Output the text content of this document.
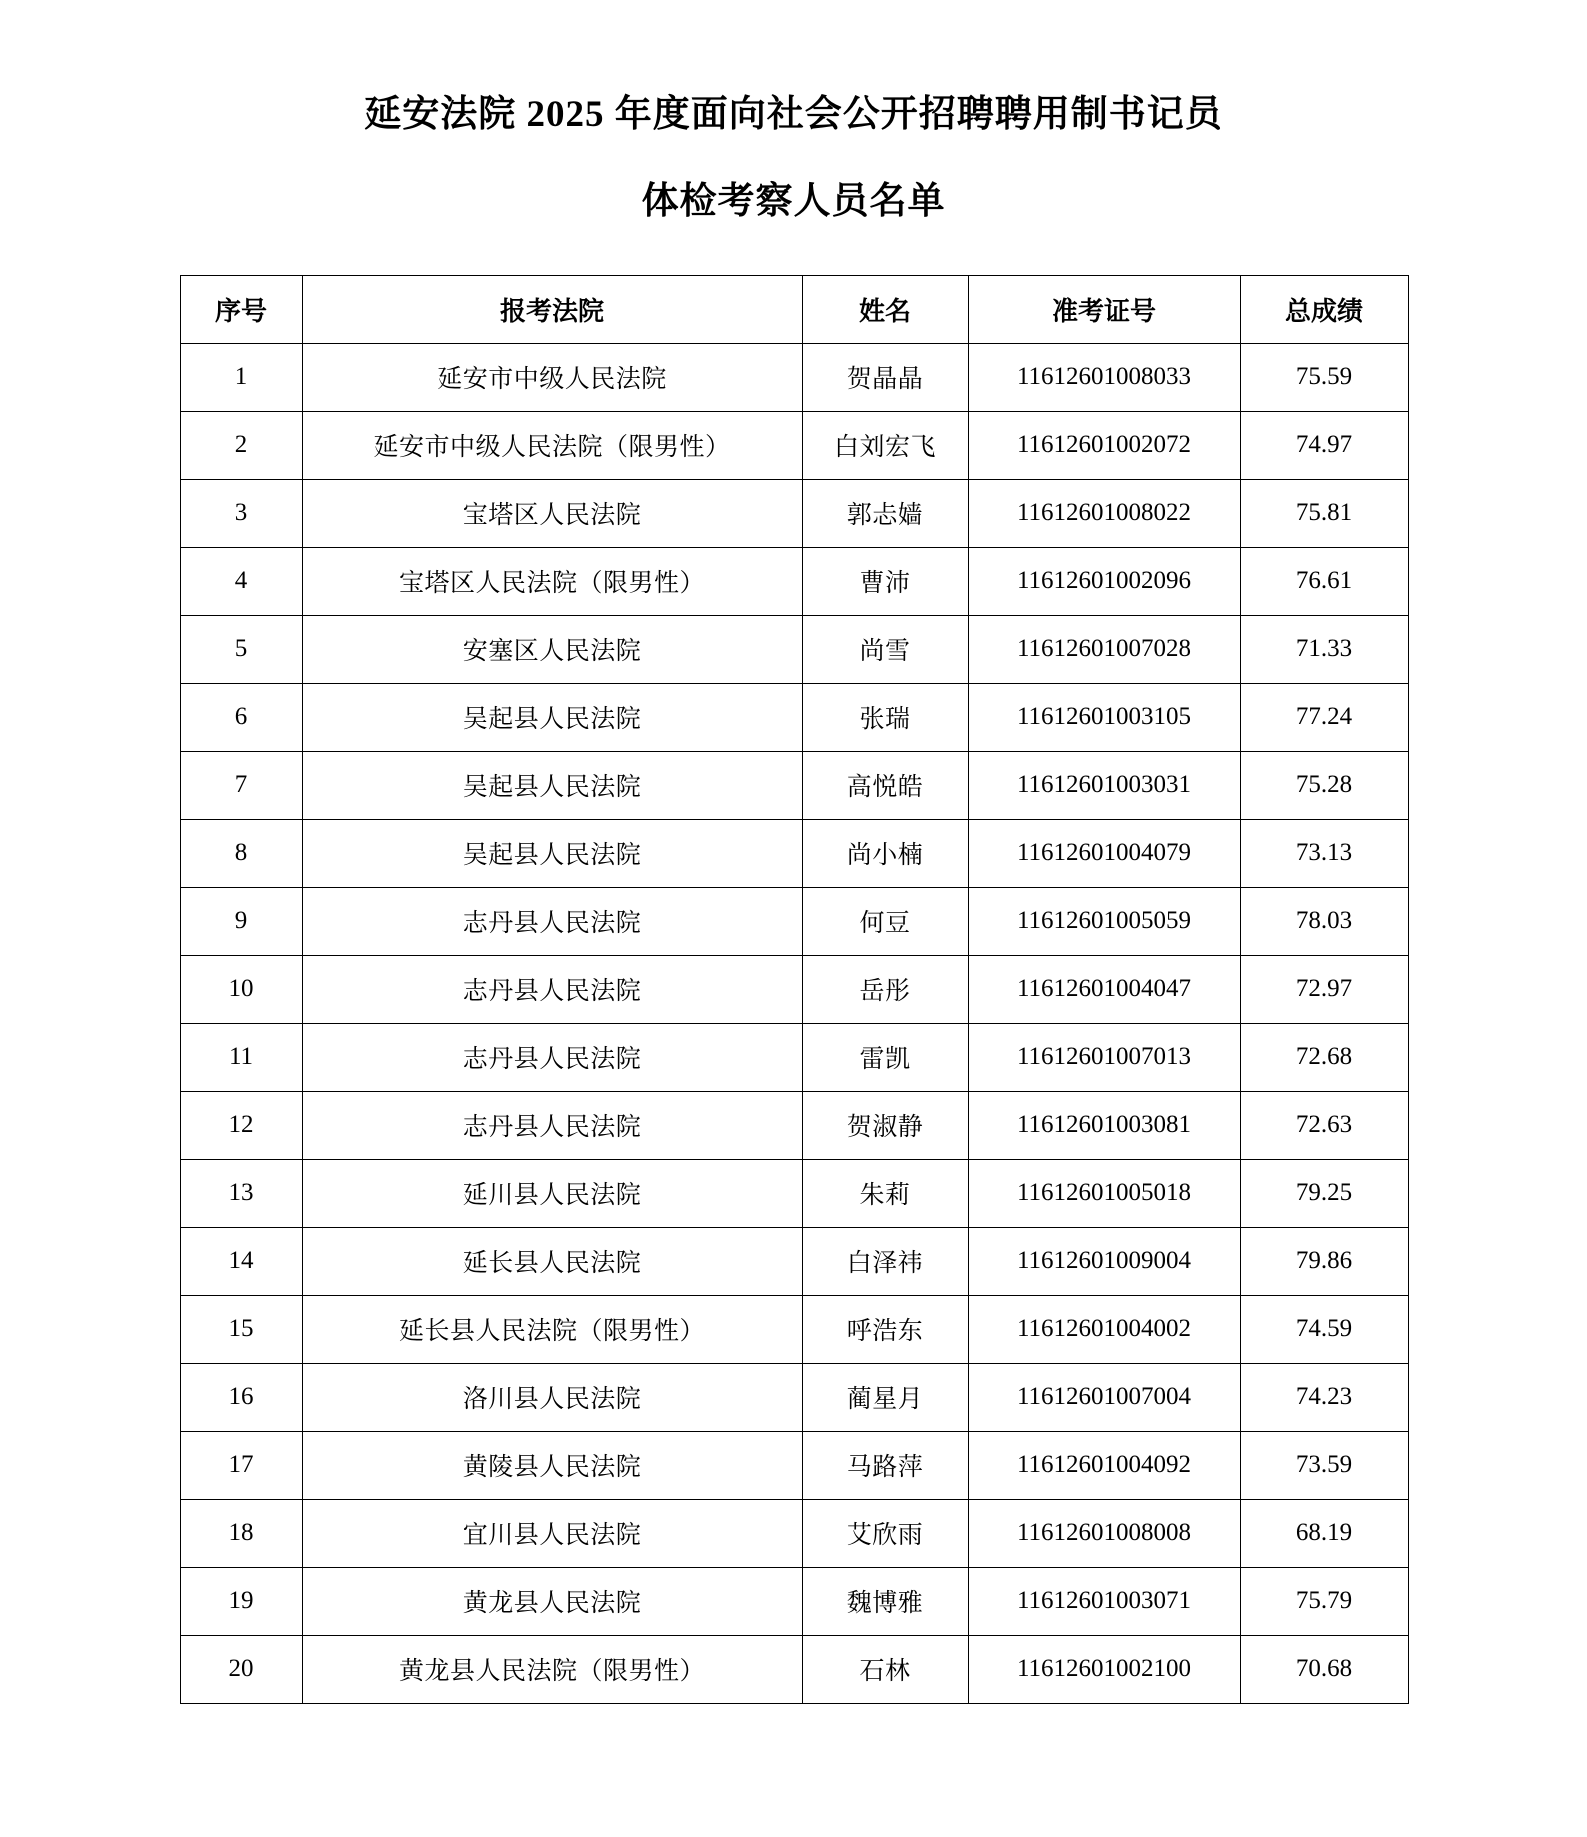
延安法院 2025 年度面向社会公开招聘聘用制书记员
体检考察人员名单
序号	报考法院	姓名	准考证号	总成绩
1	延安市中级人民法院	贺晶晶	11612601008033	75.59
2	延安市中级人民法院（限男性）	白刘宏飞	11612601002072	74.97
3	宝塔区人民法院	郭忐嫱	11612601008022	75.81
4	宝塔区人民法院（限男性）	曹沛	11612601002096	76.61
5	安塞区人民法院	尚雪	11612601007028	71.33
6	吴起县人民法院	张瑞	11612601003105	77.24
7	吴起县人民法院	高悦皓	11612601003031	75.28
8	吴起县人民法院	尚小楠	11612601004079	73.13
9	志丹县人民法院	何豆	11612601005059	78.03
10	志丹县人民法院	岳彤	11612601004047	72.97
11	志丹县人民法院	雷凯	11612601007013	72.68
12	志丹县人民法院	贺淑静	11612601003081	72.63
13	延川县人民法院	朱莉	11612601005018	79.25
14	延长县人民法院	白泽祎	11612601009004	79.86
15	延长县人民法院（限男性）	呼浩东	11612601004002	74.59
16	洛川县人民法院	蔺星月	11612601007004	74.23
17	黄陵县人民法院	马路萍	11612601004092	73.59
18	宜川县人民法院	艾欣雨	11612601008008	68.19
19	黄龙县人民法院	魏博雅	11612601003071	75.79
20	黄龙县人民法院（限男性）	石林	11612601002100	70.68
